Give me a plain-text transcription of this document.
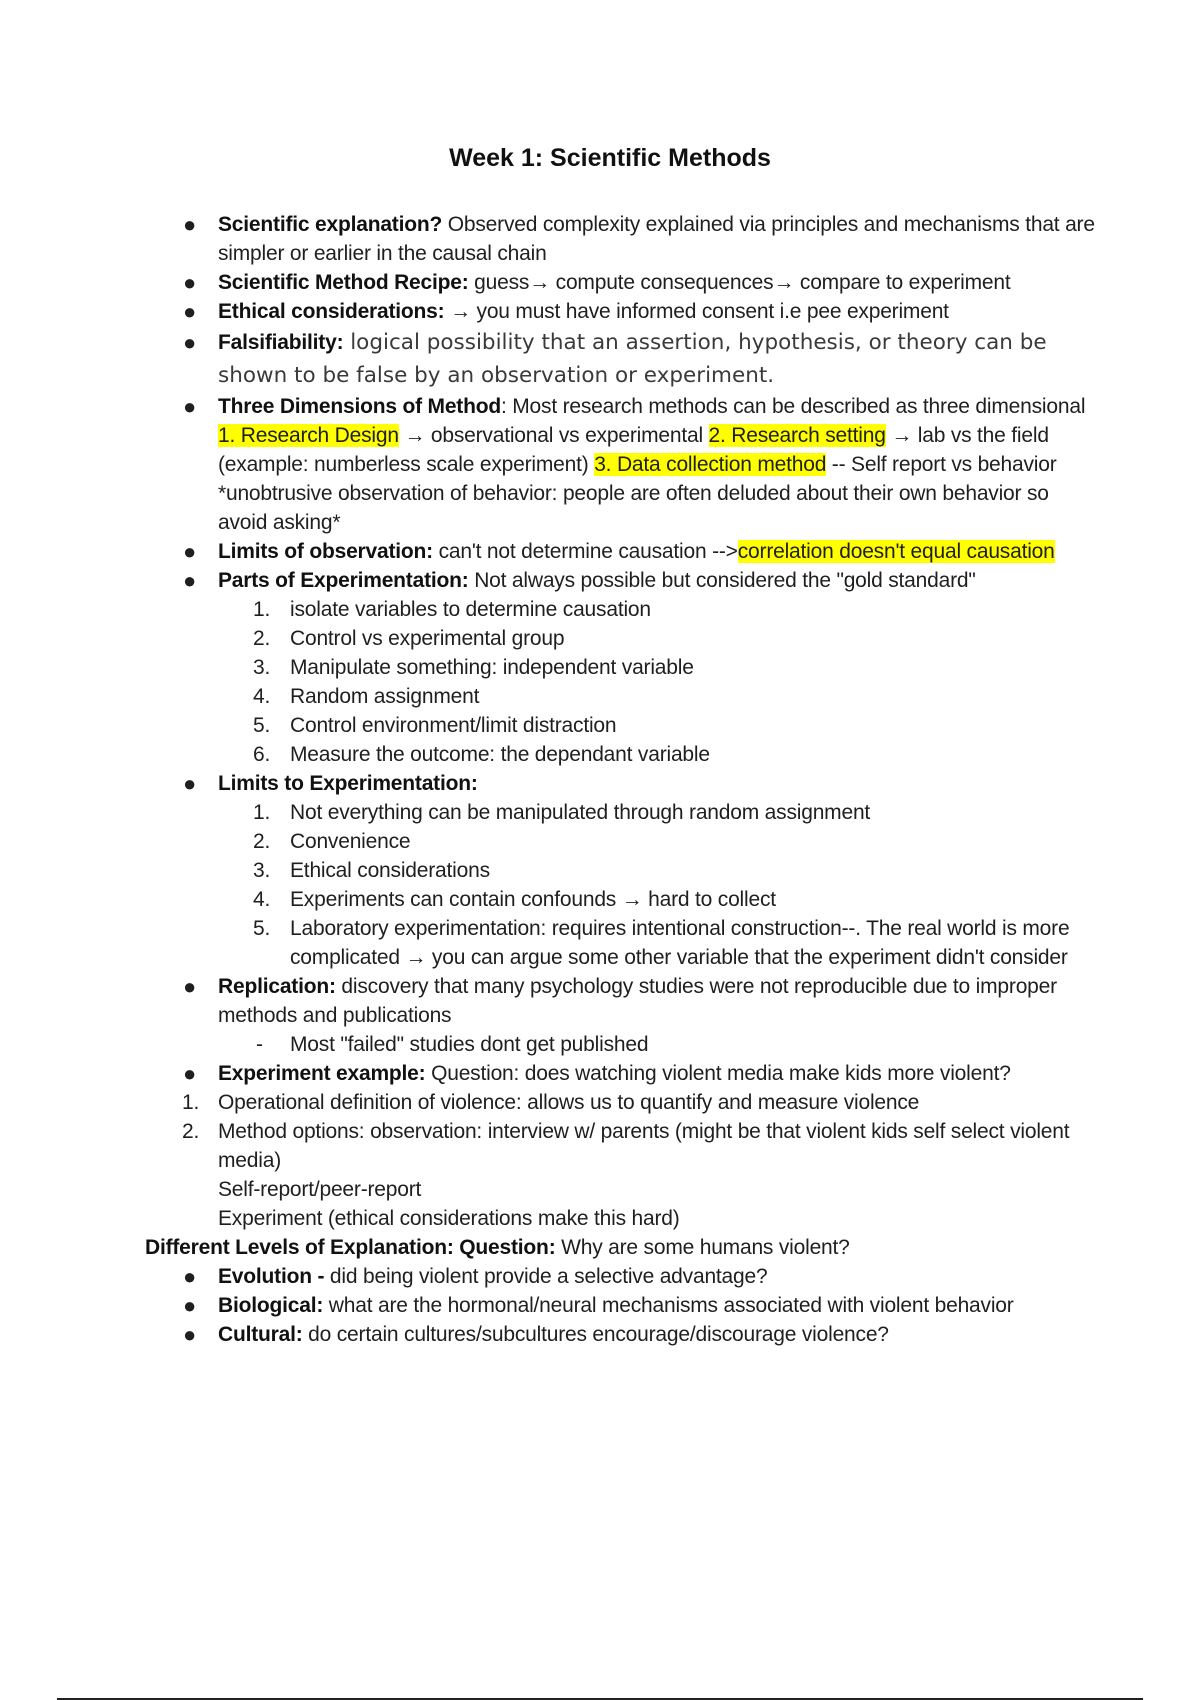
Week 1: Scientific Methods
● Scientific explanation? Observed complexity explained via principles and mechanisms that are simpler or earlier in the causal chain
● Scientific Method Recipe: guess→ compute consequences→ compare to experiment
● Ethical considerations: → you must have informed consent i.e pee experiment
● Falsifiability: logical possibility that an assertion, hypothesis, or theory can be shown to be false by an observation or experiment.
● Three Dimensions of Method: Most research methods can be described as three dimensional 1. Research Design → observational vs experimental 2. Research setting → lab vs the field (example: numberless scale experiment) 3. Data collection method -- Self report vs behavior
*unobtrusive observation of behavior: people are often deluded about their own behavior so avoid asking*
● Limits of observation: can't not determine causation -->correlation doesn't equal causation
● Parts of Experimentation: Not always possible but considered the "gold standard"
1. isolate variables to determine causation
2. Control vs experimental group
3. Manipulate something: independent variable
4. Random assignment
5. Control environment/limit distraction
6. Measure the outcome: the dependant variable
● Limits to Experimentation:
1. Not everything can be manipulated through random assignment
2. Convenience
3. Ethical considerations
4. Experiments can contain confounds → hard to collect
5. Laboratory experimentation: requires intentional construction--. The real world is more complicated → you can argue some other variable that the experiment didn't consider
● Replication: discovery that many psychology studies were not reproducible due to improper methods and publications
- Most "failed" studies dont get published
● Experiment example: Question: does watching violent media make kids more violent?
1. Operational definition of violence: allows us to quantify and measure violence
2. Method options: observation: interview w/ parents (might be that violent kids self select violent media)
Self-report/peer-report
Experiment (ethical considerations make this hard)
Different Levels of Explanation: Question: Why are some humans violent?
● Evolution - did being violent provide a selective advantage?
● Biological: what are the hormonal/neural mechanisms associated with violent behavior
● Cultural: do certain cultures/subcultures encourage/discourage violence?
